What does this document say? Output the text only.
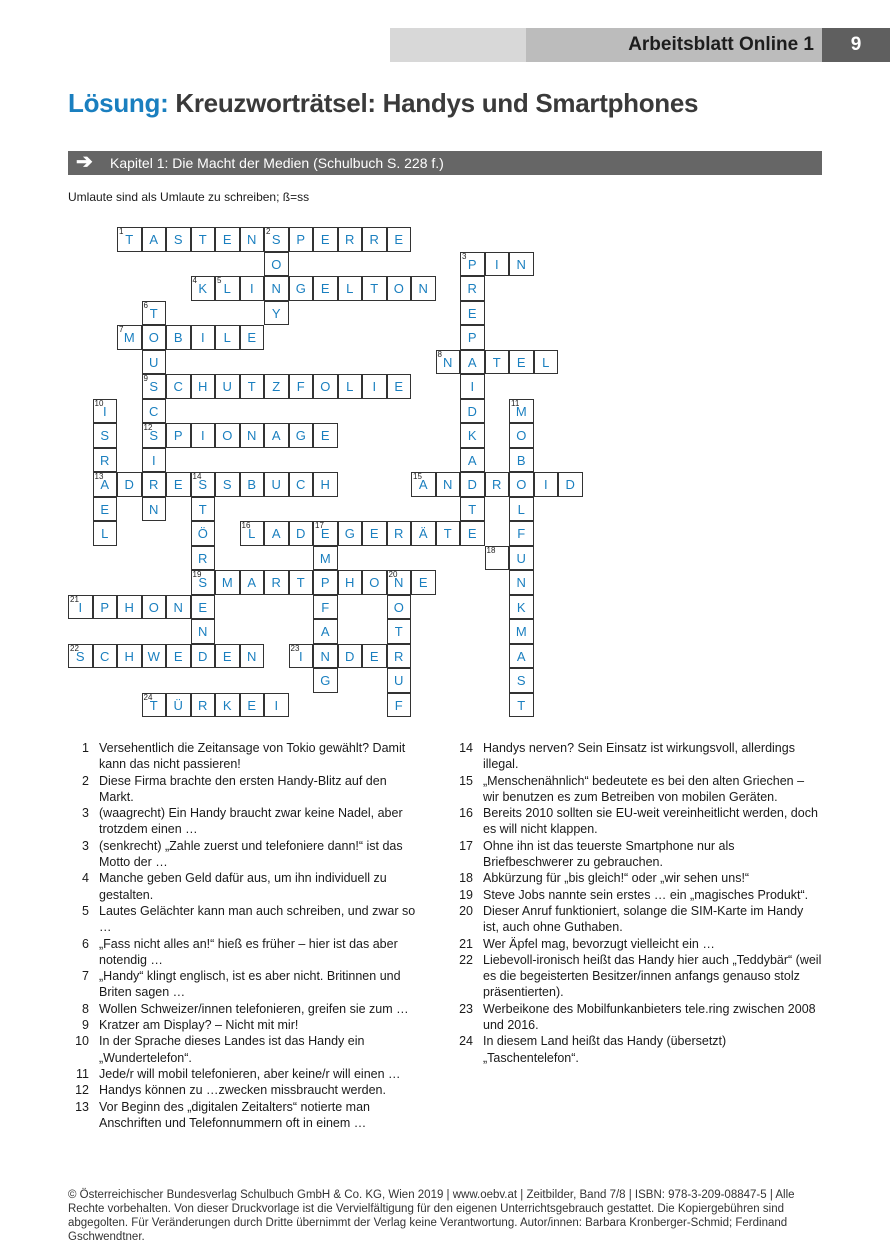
Arbeitsblatt Online 1	9
Lösung: Kreuzworträtsel: Handys und Smartphones
➔ Kapitel 1: Die Macht der Medien (Schulbuch S. 228 f.)
Umlaute sind als Umlaute zu schreiben; ß=ss
1
T	A	S	T	E	N
2
S	P	E	R	R	E
O
N
Y
3
P	I	N
R
E
P
A
I
D
K
A
D
T
E
4
K
5
L	I	G	E	L	T	O	N
6
T
O
U
9
S
C
12
S
I
R
N
7
M	B	I	L	E
8
N	T	E	L
C	H	U	T	Z	F	O	L	I	E
10
I
S
R
13
A
E
L
11
M
O
B
O
L
F
U
N
K
M
A
S
T
P	I	O	N	A	G	E
D	E
14
S	S	B	U	C	H
T
Ö
R
19
S
E
N
D
15
A	N	R	I	D
16
L	A	D
17
E	G	E	R	Ä	T
M
P
F
A
N
G
18
M	A	R	T	H	O
20
N	E
O
T
R
U
F
21
I	P	H	O	N
22
S	C	H	W	E	E	N
23
I	D	E
24
T	Ü	R	K	E	I
1 Versehentlich die Zeitansage von Tokio gewählt? Damit kann das nicht passieren!
2 Diese Firma brachte den ersten Handy-Blitz auf den Markt.
3 (waagrecht) Ein Handy braucht zwar keine Nadel, aber trotzdem einen …
3 (senkrecht) „Zahle zuerst und telefoniere dann!“ ist das Motto der …
4 Manche geben Geld dafür aus, um ihn individuell zu gestalten.
5 Lautes Gelächter kann man auch schreiben, und zwar so …
6 „Fass nicht alles an!“ hieß es früher – hier ist das aber notendig …
7 „Handy“ klingt englisch, ist es aber nicht. Britinnen und Briten sagen …
8 Wollen Schweizer/innen telefonieren, greifen sie zum …
9 Kratzer am Display? – Nicht mit mir!
10 In der Sprache dieses Landes ist das Handy ein „Wundertelefon“.
11 Jede/r will mobil telefonieren, aber keine/r will einen …
12 Handys können zu …zwecken missbraucht werden.
13 Vor Beginn des „digitalen Zeitalters“ notierte man Anschriften und Telefonnummern oft in einem …
14 Handys nerven? Sein Einsatz ist wirkungsvoll, allerdings illegal.
15 „Menschenähnlich“ bedeutete es bei den alten Griechen – wir benutzen es zum Betreiben von mobilen Geräten.
16 Bereits 2010 sollten sie EU-weit vereinheitlicht werden, doch es will nicht klappen.
17 Ohne ihn ist das teuerste Smartphone nur als Briefbeschwerer zu gebrauchen.
18 Abkürzung für „bis gleich!“ oder „wir sehen uns!“
19 Steve Jobs nannte sein erstes … ein „magisches Produkt“.
20 Dieser Anruf funktioniert, solange die SIM-Karte im Handy ist, auch ohne Guthaben.
21 Wer Äpfel mag, bevorzugt vielleicht ein …
22 Liebevoll-ironisch heißt das Handy hier auch „Teddybär“ (weil es die begeisterten Besitzer/innen anfangs genauso stolz präsentierten).
23 Werbeikone des Mobilfunkanbieters tele.ring zwischen 2008 und 2016.
24 In diesem Land heißt das Handy (übersetzt) „Taschentelefon“.
© Österreichischer Bundesverlag Schulbuch GmbH & Co. KG, Wien 2019 | www.oebv.at | Zeitbilder, Band 7/8 | ISBN: 978-3-209-08847-5 | Alle Rechte vorbehalten. Von dieser Druckvorlage ist die Vervielfältigung für den eigenen Unterrichtsgebrauch gestattet. Die Kopiergebühren sind abgegolten. Für Veränderungen durch Dritte übernimmt der Verlag keine Verantwortung. Autor/innen: Barbara Kronberger-Schmid; Ferdinand Gschwendtner.
